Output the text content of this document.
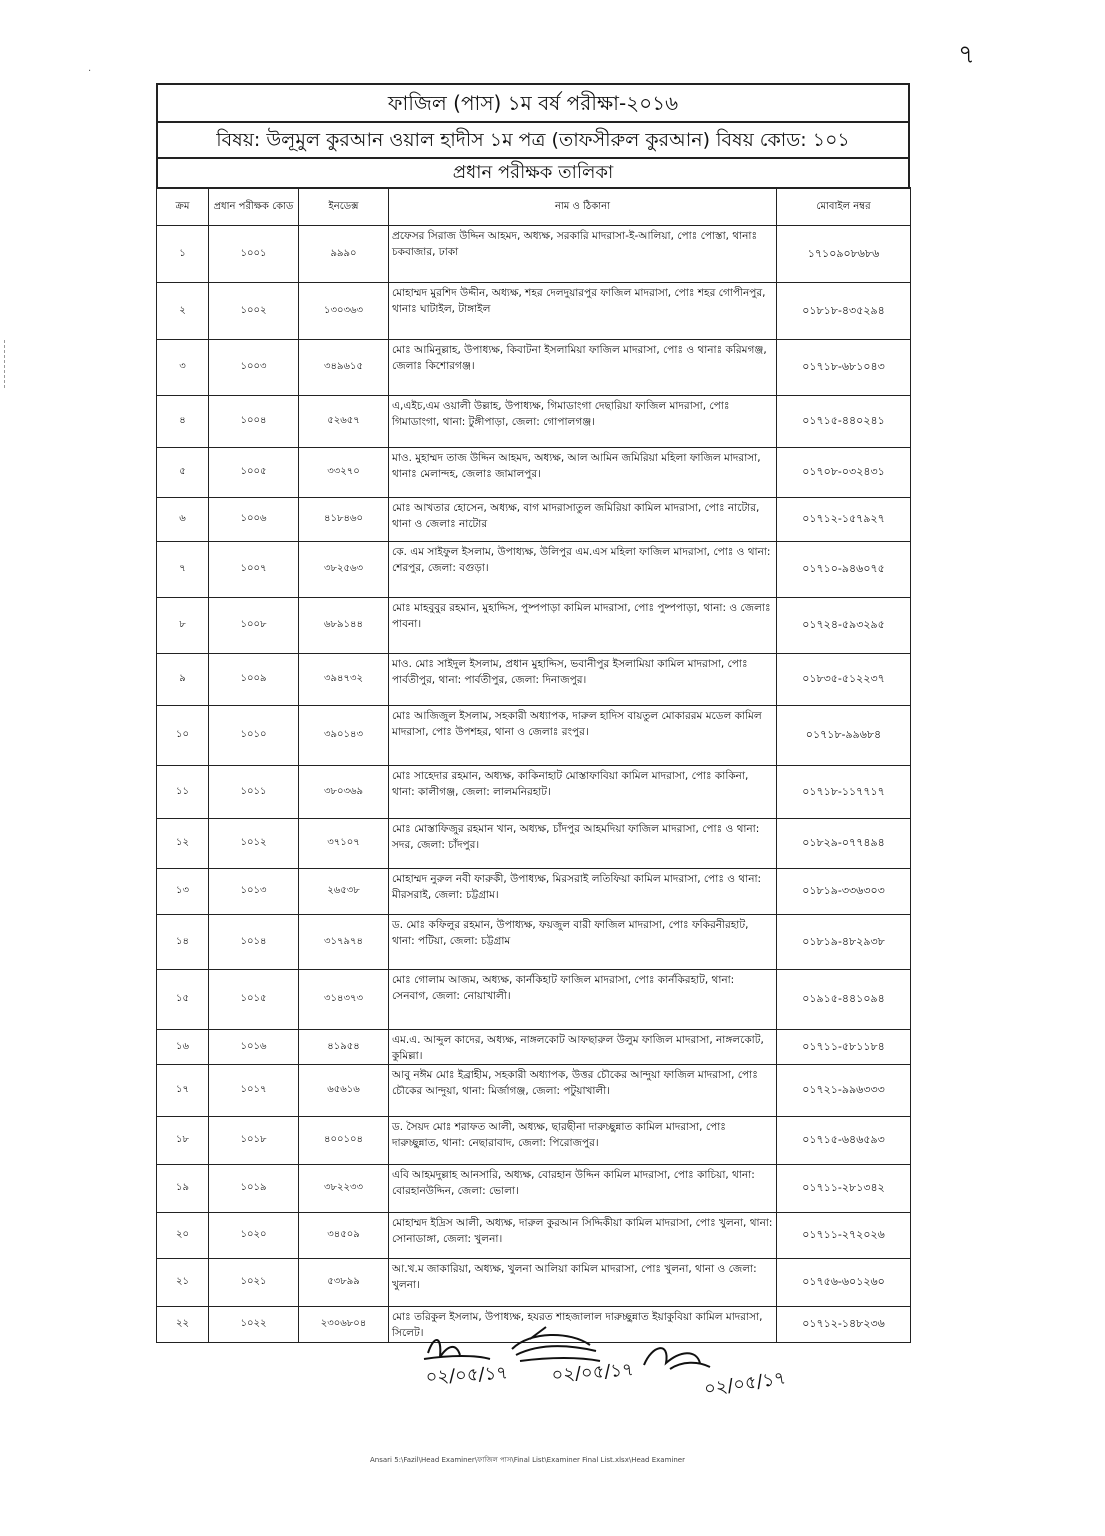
৭
·
ফাজিল (পাস) ১ম বর্ষ পরীক্ষা-২০১৬
বিষয়: উলূমুল কুরআন ওয়াল হাদীস ১ম পত্র (তাফসীরুল কুরআন) বিষয় কোড: ১০১
প্রধান পরীক্ষক তালিকা
ক্রম	প্রধান পরীক্ষক কোড	ইনডেক্স	নাম ও ঠিকানা	মোবাইল নম্বর
১	১০০১	৯৯৯০	প্রফেসর সিরাজ উদ্দিন আহমদ, অধ্যক্ষ, সরকারি মাদরাসা-ই-আলিয়া, পোঃ পোস্তা, থানাঃ চকবাজার, ঢাকা	১৭১০৯০৮৬৮৬
২	১০০২	১৩০৩৬৩	মোহাম্মদ মুরশিদ উদ্দীন, অধ্যক্ষ, শহর দেলদুয়ারপুর ফাজিল মাদরাসা, পোঃ শহর গোপীনপুর, থানাঃ ঘাটাইল, টাঙ্গাইল	০১৮১৮-৪৩৫২৯৪
৩	১০০৩	৩৪৯৬১৫	মোঃ আমিনুল্লাহ, উপাধ্যক্ষ, কিবাটনা ইসলামিয়া ফাজিল মাদরাসা, পোঃ ও থানাঃ করিমগঞ্জ, জেলাঃ কিশোরগঞ্জ।	০১৭১৮-৬৮১০৪৩
৪	১০০৪	৫২৬৫৭	এ,এইচ,এম ওয়ালী উল্লাহ, উপাধ্যক্ষ, গিমাডাংগা দেছারিয়া ফাজিল মাদরাসা, পোঃ গিমাডাংগা, থানা: টুঙ্গীপাড়া, জেলা: গোপালগঞ্জ।	০১৭১৫-৪৪০২৪১
৫	১০০৫	৩৩২৭০	মাও. মুহাম্মদ তাজ উদ্দিন আহমদ, অধ্যক্ষ, আল আমিন জমিরিয়া মহিলা ফাজিল মাদরাসা, থানাঃ মেলান্দহ, জেলাঃ জামালপুর।	০১৭০৮-০৩২৪৩১
৬	১০০৬	৪১৮৪৬০	মোঃ আখতার হোসেন, অধ্যক্ষ, বাগ মাদরাসাতুল জমিরিয়া কামিল মাদরাসা, পোঃ নাটোর, থানা ও জেলাঃ নাটোর	০১৭১২-১৫৭৯২৭
৭	১০০৭	৩৮২৫৬৩	কে. এম সাইফুল ইসলাম, উপাধ্যক্ষ, উলিপুর এম.এস মহিলা ফাজিল মাদরাসা, পোঃ ও থানা: শেরপুর, জেলা: বগুড়া।	০১৭১০-৯৪৬০৭৫
৮	১০০৮	৬৮৯১৪৪	মোঃ মাহবুবুর রহমান, মুহাদ্দিস, পুষ্পপাড়া কামিল মাদরাসা, পোঃ পুষ্পপাড়া, থানা: ও জেলাঃ পাবনা।	০১৭২৪-৫৯৩২৯৫
৯	১০০৯	৩৯৪৭৩২	মাও. মোঃ সাইদুল ইসলাম, প্রধান মুহাদ্দিস, ভবানীপুর ইসলামিয়া কামিল মাদরাসা, পোঃ পার্বতীপুর, থানা: পার্বতীপুর, জেলা: দিনাজপুর।	০১৮৩৫-৫১২২৩৭
১০	১০১০	৩৯০১৪৩	মোঃ আজিজুল ইসলাম, সহকারী অধ্যাপক, দারুল হাদিস বায়তুল মোকাররম মডেল কামিল মাদরাসা, পোঃ উপশহর, থানা ও জেলাঃ রংপুর।	০১৭১৮-৯৯৬৮৪
১১	১০১১	৩৮০৩৬৯	মোঃ সাহেদার রহমান, অধ্যক্ষ, কাকিনাহাট মোস্তাফাবিয়া কামিল মাদরাসা, পোঃ কাকিনা, থানা: কালীগঞ্জ, জেলা: লালমনিরহাট।	০১৭১৮-১১৭৭১৭
১২	১০১২	৩৭১০৭	মোঃ মোস্তাফিজুর রহমান খান, অধ্যক্ষ, চাঁদপুর আহমদিয়া ফাজিল মাদরাসা, পোঃ ও থানা: সদর, জেলা: চাঁদপুর।	০১৮২৯-০৭৭৪৯৪
১৩	১০১৩	২৬৫৩৮	মোহাম্মদ নুরুল নবী ফারুকী, উপাধ্যক্ষ, মিরসরাই লতিফিয়া কামিল মাদরাসা, পোঃ ও থানা: মীরসরাই, জেলা: চট্টগ্রাম।	০১৮১৯-৩৩৬৩০৩
১৪	১০১৪	৩১৭৯৭৪	ড. মোঃ কফিলুর রহমান, উপাধ্যক্ষ, ফয়জুল বারী ফাজিল মাদরাসা, পোঃ ফকিরনীরহাট, থানা: পটিয়া, জেলা: চট্টগ্রাম	০১৮১৯-৪৮২৯৩৮
১৫	১০১৫	৩১৪৩৭৩	মোঃ গোলাম আজম, অধ্যক্ষ, কার্নকিহাট ফাজিল মাদরাসা, পোঃ কার্নকিরহাট, থানা: সেনবাগ, জেলা: নোয়াখালী।	০১৯১৫-৪৪১০৯৪
১৬	১০১৬	৪১৯৫৪	এম.এ. আব্দুল কাদের, অধ্যক্ষ, নাঙ্গলকোট আফছারুল উলুম ফাজিল মাদরাসা, নাঙ্গলকোট, কুমিল্লা।	০১৭১১-৫৮১১৮৪
১৭	১০১৭	৬৫৬১৬	আবু নঈম মোঃ ইব্রাহীম, সহকারী অধ্যাপক, উত্তর চৌকের আন্দুয়া ফাজিল মাদরাসা, পোঃ চৌকের আন্দুয়া, থানা: মির্জাগঞ্জ, জেলা: পটুয়াখালী।	০১৭২১-৯৯৬৩৩৩
১৮	১০১৮	৪০০১০৪	ড. সৈয়দ মোঃ শরাফত আলী, অধ্যক্ষ, ছারছীনা দারুচ্ছুন্নাত কামিল মাদরাসা, পোঃ দারুচ্ছুন্নাত, থানা: নেছারাবাদ, জেলা: পিরোজপুর।	০১৭১৫-৬৪৬৫৯৩
১৯	১০১৯	৩৮২২৩৩	এবি আহমদুল্লাহ আনসারি, অধ্যক্ষ, বোরহান উদ্দিন কামিল মাদরাসা, পোঃ কাচিয়া, থানা: বোরহানউদ্দিন, জেলা: ভোলা।	০১৭১১-২৮১৩৪২
২০	১০২০	৩৪৫০৯	মোহাম্মদ ইদ্রিস আলী, অধ্যক্ষ, দারুল কুরআন সিদ্দিকীয়া কামিল মাদরাসা, পোঃ খুলনা, থানা: সোনাডাঙ্গা, জেলা: খুলনা।	০১৭১১-২৭২০২৬
২১	১০২১	৫৩৮৯৯	আ.খ.ম জাকারিয়া, অধ্যক্ষ, খুলনা আলিয়া কামিল মাদরাসা, পোঃ খুলনা, থানা ও জেলা: খুলনা।	০১৭৫৬-৬০১২৬০
২২	১০২২	২৩০৬৮০৪	মোঃ তরিকুল ইসলাম, উপাধ্যক্ষ, হযরত শাহজালাল দারুচ্ছুন্নাত ইয়াকুবিয়া কামিল মাদরাসা, সিলেট।	০১৭১২-১৪৮২৩৬
০২/০৫/১৭ ০২/০৫/১৭	০২/০৫/১৭
Ansari 5:\Fazil\Head Examiner\ফাজিল পাস\Final List\Examiner Final List.xlsx\Head Examiner
